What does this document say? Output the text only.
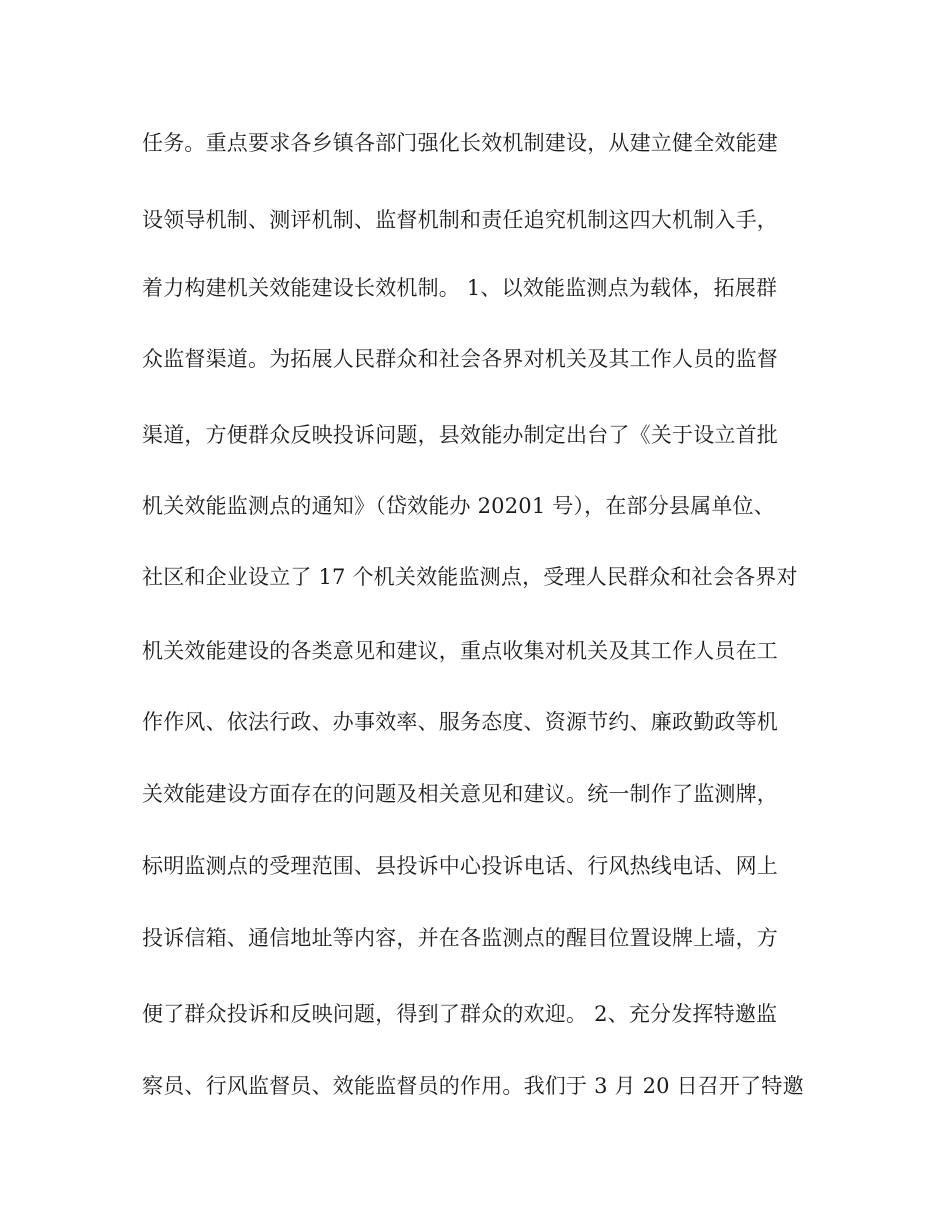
任务。重点要求各乡镇各部门强化长效机制建设，从建立健全效能建
设领导机制、测评机制、监督机制和责任追究机制这四大机制入手，
着力构建机关效能建设长效机制。 1、以效能监测点为载体，拓展群
众监督渠道。为拓展人民群众和社会各界对机关及其工作人员的监督
渠道，方便群众反映投诉问题，县效能办制定出台了《关于设立首批
机关效能监测点的通知》（岱效能办 20201 号），在部分县属单位、
社区和企业设立了 17 个机关效能监测点，受理人民群众和社会各界对
机关效能建设的各类意见和建议，重点收集对机关及其工作人员在工
作作风、依法行政、办事效率、服务态度、资源节约、廉政勤政等机
关效能建设方面存在的问题及相关意见和建议。统一制作了监测牌，
标明监测点的受理范围、县投诉中心投诉电话、行风热线电话、网上
投诉信箱、通信地址等内容，并在各监测点的醒目位置设牌上墙，方
便了群众投诉和反映问题，得到了群众的欢迎。 2、充分发挥特邀监
察员、行风监督员、效能监督员的作用。我们于 3 月 20 日召开了特邀
